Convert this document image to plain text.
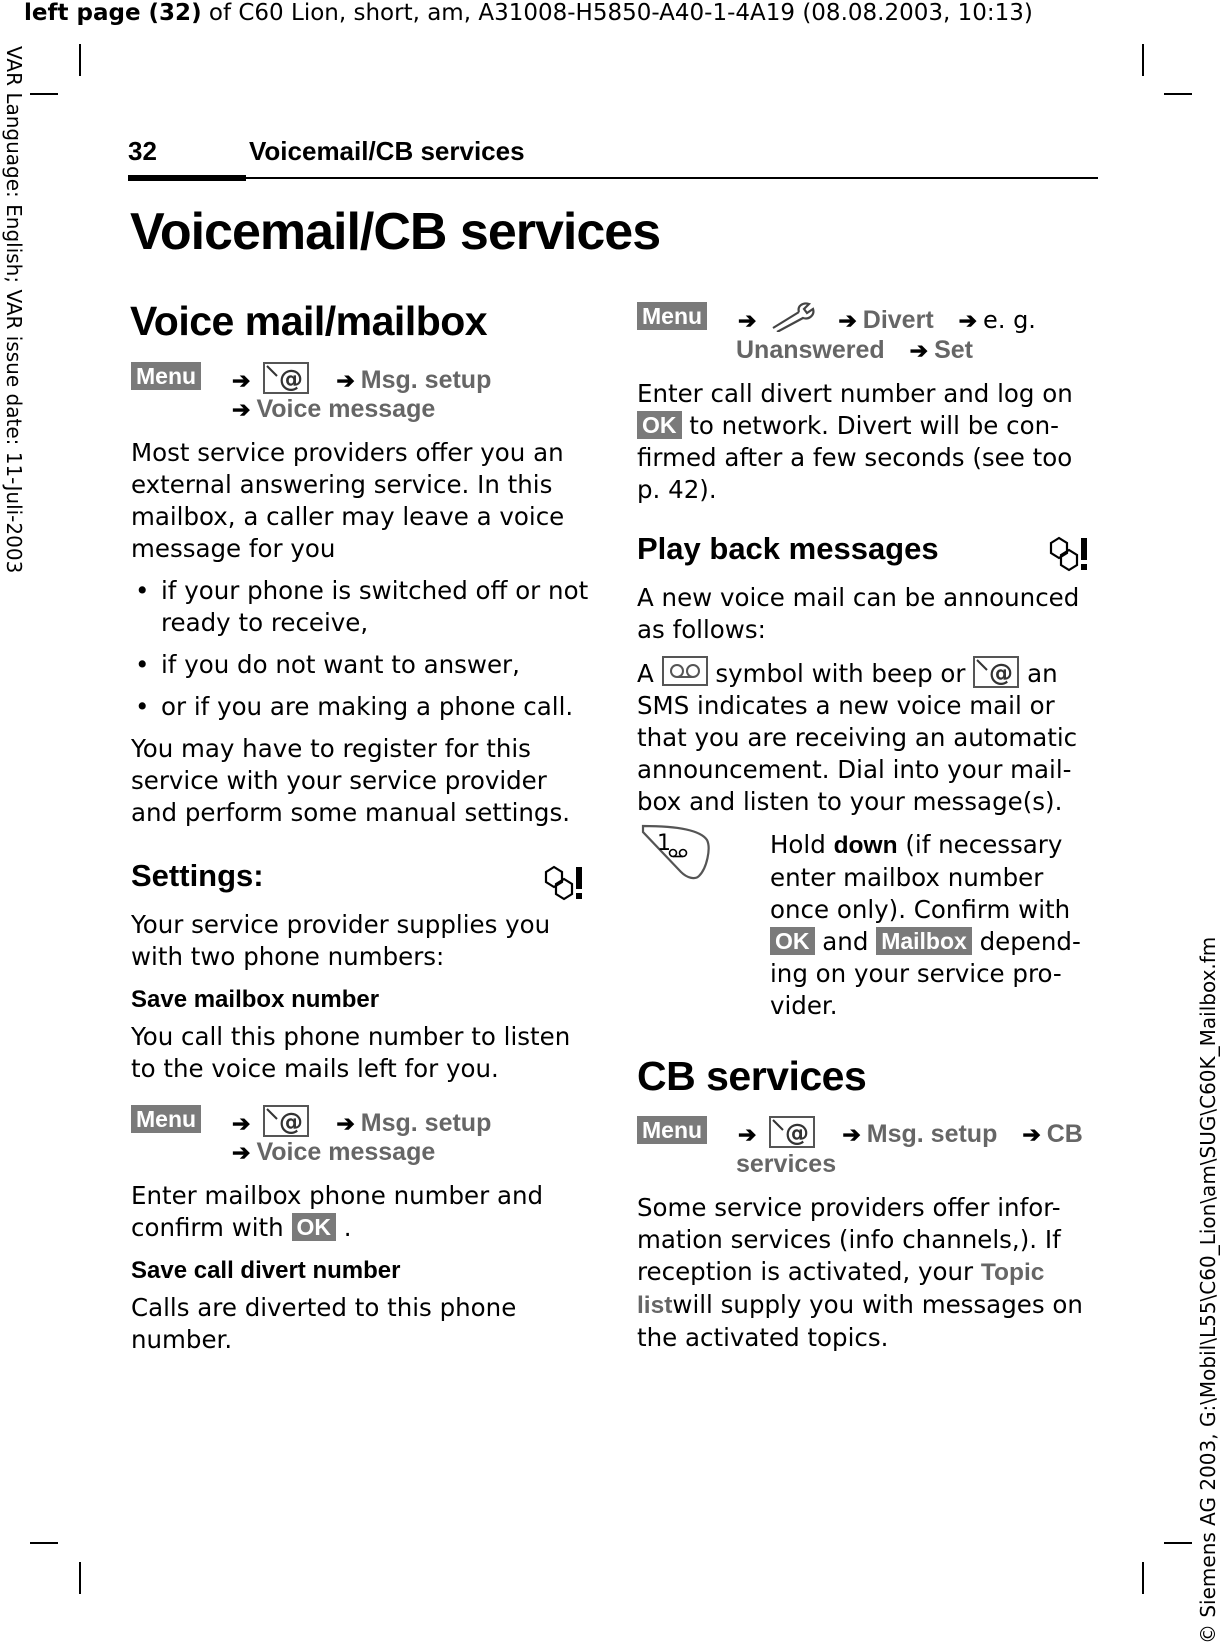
left page (32) of C60 Lion, short, am, A31008-H5850-A40-1-4A19 (08.08.2003, 10:13)
VAR Language: English; VAR issue date: 11-Juli-2003
© Siemens AG 2003, G:\Mobil\L55\C60_Lion\am\SUG\C60K_Mailbox.fm
32	Voicemail/CB services
Voicemail/CB services
Voice mail/mailbox
Menu ➔ @ ➔ Msg. setup
➔ Voice message

Most service providers offer you an external answering service. In this mailbox, a caller may leave a voice message for you

• if your phone is switched off or not ready to receive,

• if you do not want to answer,

• or if you are making a phone call.

You may have to register for this service with your service provider and perform some manual settings.

Settings:

Your service provider supplies you with two phone numbers:

Save mailbox number

You call this phone number to listen to the voice mails left for you.

Menu ➔ @ ➔ Msg. setup
➔ Voice message

Enter mailbox phone number and

confirm with OK .

Save call divert number

Calls are diverted to this phone number.

Menu ➔	➔ Divert ➔ e. g.
Unanswered ➔ Set

Enter call divert number and log on

OK to network. Divert will be con-

firmed after a few seconds (see too

p. 42).

Play back messages

A new voice mail can be announced as follows:

A	symbol with beep or @ an

SMS indicates a new voice mail or

that you are receiving an automatic

announcement. Dial into your mail-

box and listen to your message(s).

1	Hold down (if necessary

enter mailbox number

once only). Confirm with

OK and Mailbox depend-

ing on your service pro-

vider.

CB services
Menu ➔ @ ➔ Msg. setup ➔ CB
services

Some service providers offer infor-

mation services (info channels,). If

reception is activated, your Topic

listwill supply you with messages on

the activated topics.
